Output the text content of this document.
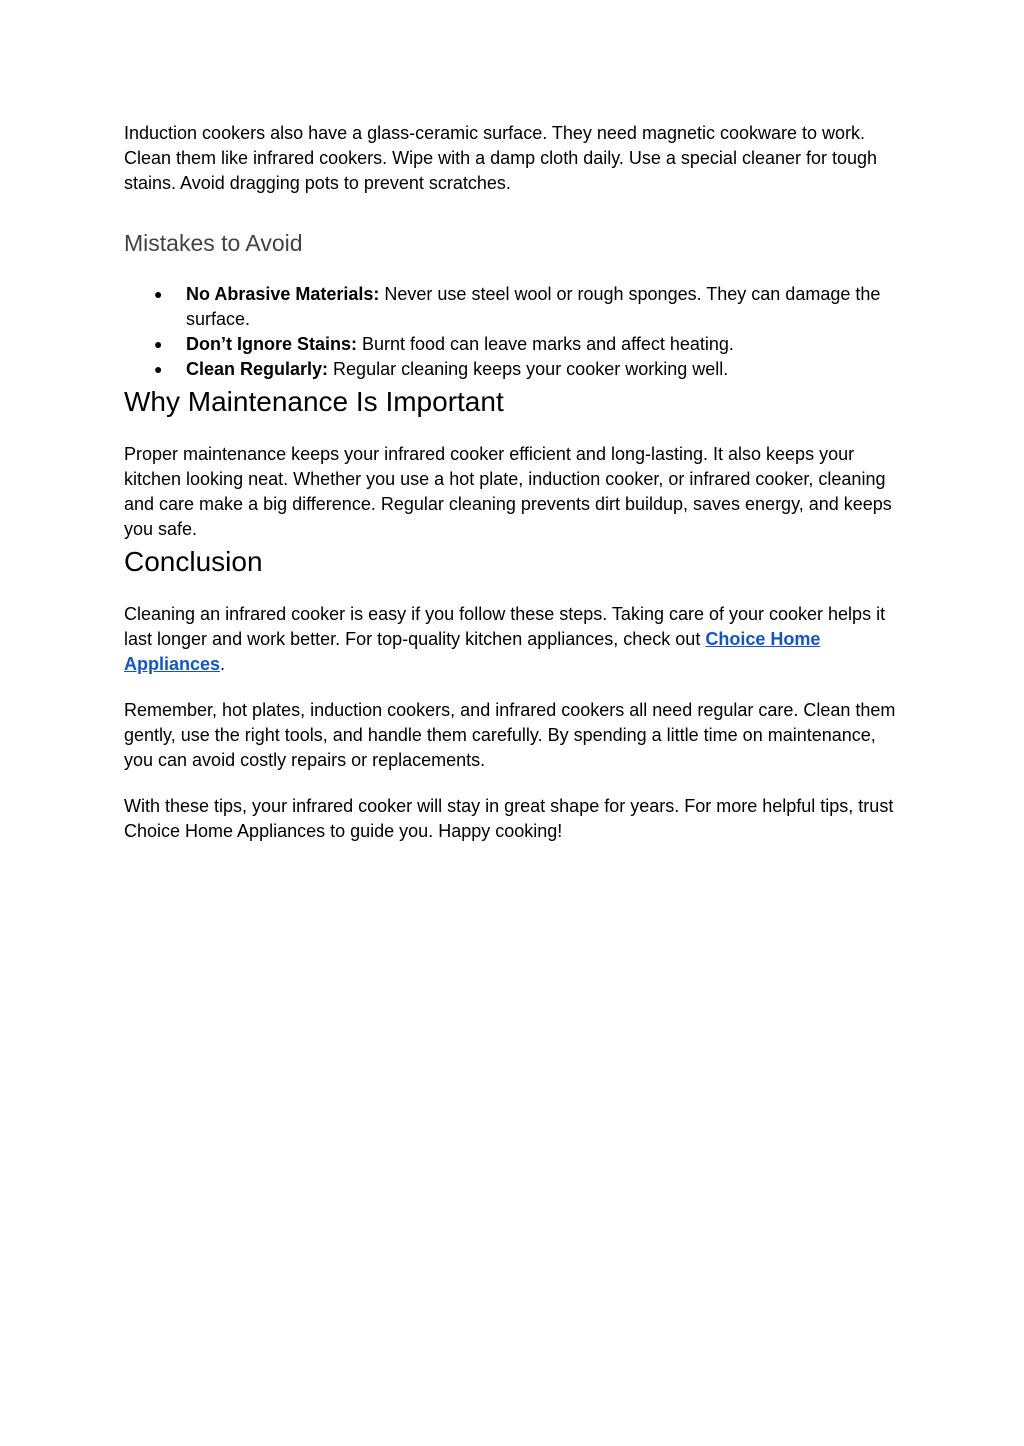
Induction cookers also have a glass-ceramic surface. They need magnetic cookware to work. Clean them like infrared cookers. Wipe with a damp cloth daily. Use a special cleaner for tough stains. Avoid dragging pots to prevent scratches.

Mistakes to Avoid
● No Abrasive Materials: Never use steel wool or rough sponges. They can damage the surface.
● Don’t Ignore Stains: Burnt food can leave marks and affect heating.
● Clean Regularly: Regular cleaning keeps your cooker working well.
Why Maintenance Is Important

Proper maintenance keeps your infrared cooker efficient and long-lasting. It also keeps your kitchen looking neat. Whether you use a hot plate, induction cooker, or infrared cooker, cleaning and care make a big difference. Regular cleaning prevents dirt buildup, saves energy, and keeps you safe.

Conclusion

Cleaning an infrared cooker is easy if you follow these steps. Taking care of your cooker helps it last longer and work better. For top-quality kitchen appliances, check out Choice Home Appliances.

Remember, hot plates, induction cookers, and infrared cookers all need regular care. Clean them gently, use the right tools, and handle them carefully. By spending a little time on maintenance, you can avoid costly repairs or replacements.

With these tips, your infrared cooker will stay in great shape for years. For more helpful tips, trust Choice Home Appliances to guide you. Happy cooking!
